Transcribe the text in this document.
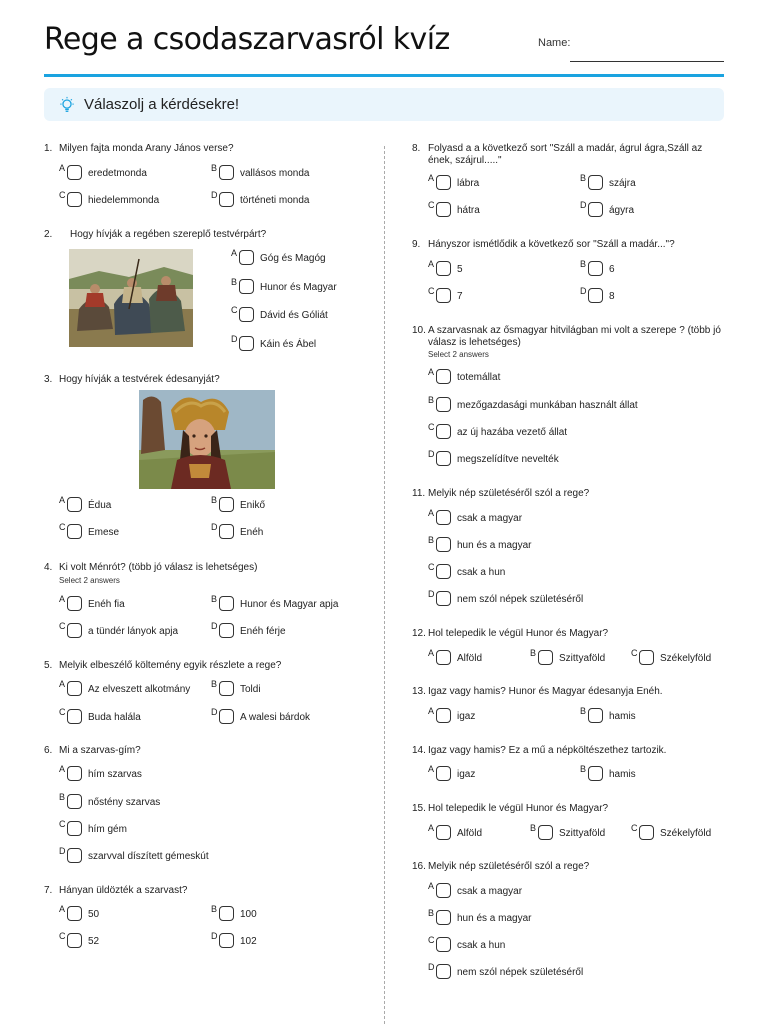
Rege a csodaszarvasról kvíz	Name:
Válaszolj a kérdésekre!
1. Milyen fajta monda Arany János verse?
A eredetmonda	B vallásos monda
C hiedelemmonda	D történeti monda
2. Hogy hívják a regében szereplő testvérpárt?
A Góg és Magóg
B Hunor és Magyar
C Dávid és Góliát
D Káin és Ábel
3. Hogy hívják a testvérek édesanyját?
A Édua	B Enikő
C Emese	D Enéh
4. Ki volt Ménrót? (több jó válasz is lehetséges)
Select 2 answers
A Enéh fia	B Hunor és Magyar apja
C a tündér lányok apja	D Enéh férje
5. Melyik elbeszélő költemény egyik részlete a rege?
A Az elveszett alkotmány B Toldi
C Buda halála	D A walesi bárdok
6. Mi a szarvas-gím?
A hím szarvas
B nőstény szarvas
C hím gém
D szarvval díszített gémeskút
7. Hányan üldözték a szarvast?
A 50	B 100
C 52	D 102
8. Folyasd a a következő sort "Száll a madár, ágrul ágra,Száll az ének, szájrul....."
A lábra	B szájra
C hátra	D ágyra
9. Hányszor ismétlődik a következő sor "Száll a madár..."?
A 5	B 6
C 7	D 8
10. A szarvasnak az ősmagyar hitvilágban mi volt a szerepe ? (több jó válasz is lehetséges)
Select 2 answers
A totemállat
B mezőgazdasági munkában használt állat
C az új hazába vezető állat
D megszelídítve nevelték
11. Melyik nép születéséről szól a rege?
A csak a magyar
B hun és a magyar
C csak a hun
D nem szól népek születéséről
12. Hol telepedik le végül Hunor és Magyar?
A Alföld	B Szittyaföld	C Székelyföld
13. Igaz vagy hamis? Hunor és Magyar édesanyja Enéh.
A igaz	B hamis
14. Igaz vagy hamis? Ez a mű a népköltészethez tartozik.
A igaz	B hamis
15. Hol telepedik le végül Hunor és Magyar?
A Alföld	B Szittyaföld	C Székelyföld
16. Melyik nép születéséről szól a rege?
A csak a magyar
B hun és a magyar
C csak a hun
D nem szól népek születéséről
